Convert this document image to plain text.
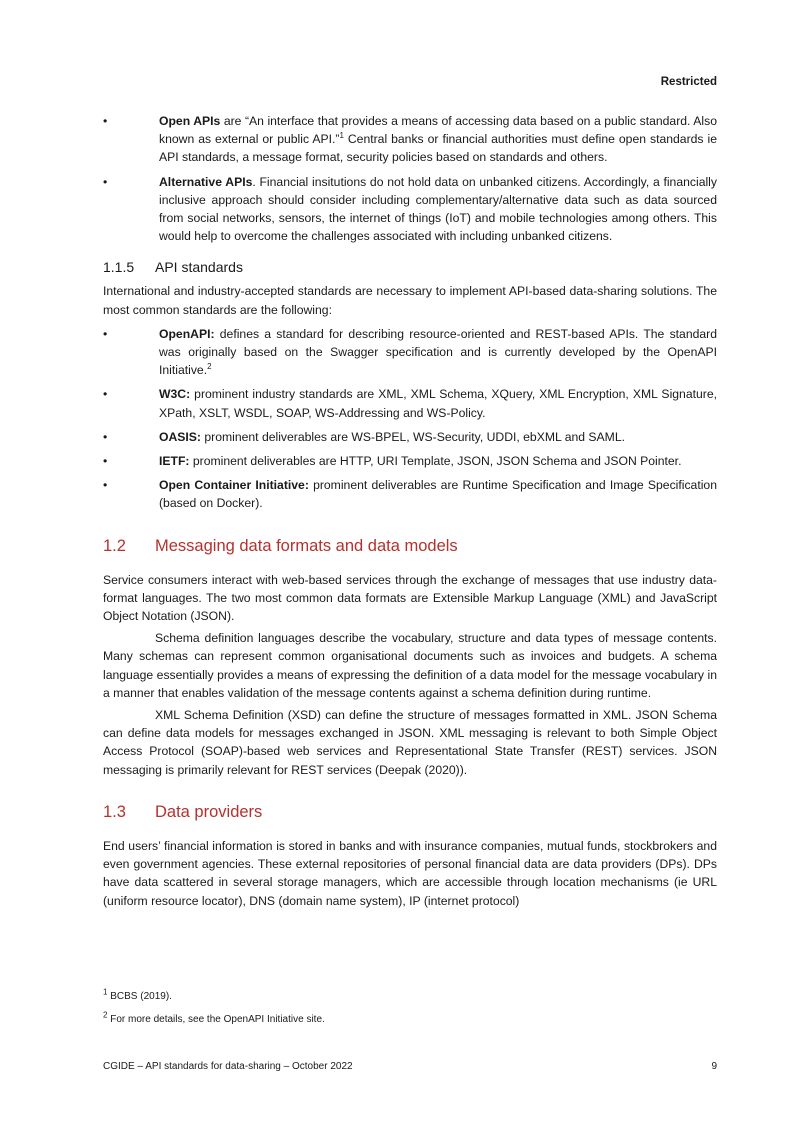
Restricted
•	Open APIs are “An interface that provides a means of accessing data based on a public standard. Also known as external or public API.”$^1$ Central banks or financial authorities must define open standards ie API standards, a message format, security policies based on standards and others.
•	Alternative APIs. Financial insitutions do not hold data on unbanked citizens. Accordingly, a financially inclusive approach should consider including complementary/alternative data such as data sourced from social networks, sensors, the internet of things (IoT) and mobile technologies among others. This would help to overcome the challenges associated with including unbanked citizens.
1.1.5	API standards

International and industry-accepted standards are necessary to implement API-based data-sharing solutions. The most common standards are the following:

•	OpenAPI: defines a standard for describing resource-oriented and REST-based APIs. The standard was originally based on the Swagger specification and is currently developed by the OpenAPI Initiative.$^2$
•	W3C: prominent industry standards are XML, XML Schema, XQuery, XML Encryption, XML Signature, XPath, XSLT, WSDL, SOAP, WS-Addressing and WS-Policy.
•	OASIS: prominent deliverables are WS-BPEL, WS-Security, UDDI, ebXML and SAML.
•	IETF: prominent deliverables are HTTP, URI Template, JSON, JSON Schema and JSON Pointer.
•	Open Container Initiative: prominent deliverables are Runtime Specification and Image Specification (based on Docker).
1.2	Messaging data formats and data models

Service consumers interact with web-based services through the exchange of messages that use industry data-format languages. The two most common data formats are Extensible Markup Language (XML) and JavaScript Object Notation (JSON).

Schema definition languages describe the vocabulary, structure and data types of message contents. Many schemas can represent common organisational documents such as invoices and budgets. A schema language essentially provides a means of expressing the definition of a data model for the message vocabulary in a manner that enables validation of the message contents against a schema definition during runtime.

XML Schema Definition (XSD) can define the structure of messages formatted in XML. JSON Schema can define data models for messages exchanged in JSON. XML messaging is relevant to both Simple Object Access Protocol (SOAP)-based web services and Representational State Transfer (REST) services. JSON messaging is primarily relevant for REST services (Deepak (2020)).

1.3	Data providers

End users’ financial information is stored in banks and with insurance companies, mutual funds, stockbrokers and even government agencies. These external repositories of personal financial data are data providers (DPs). DPs have data scattered in several storage managers, which are accessible through location mechanisms (ie URL (uniform resource locator), DNS (domain name system), IP (internet protocol)

$^1$ BCBS (2019).
$^2$ For more details, see the OpenAPI Initiative site.
CGIDE – API standards for data-sharing – October 2022	9
